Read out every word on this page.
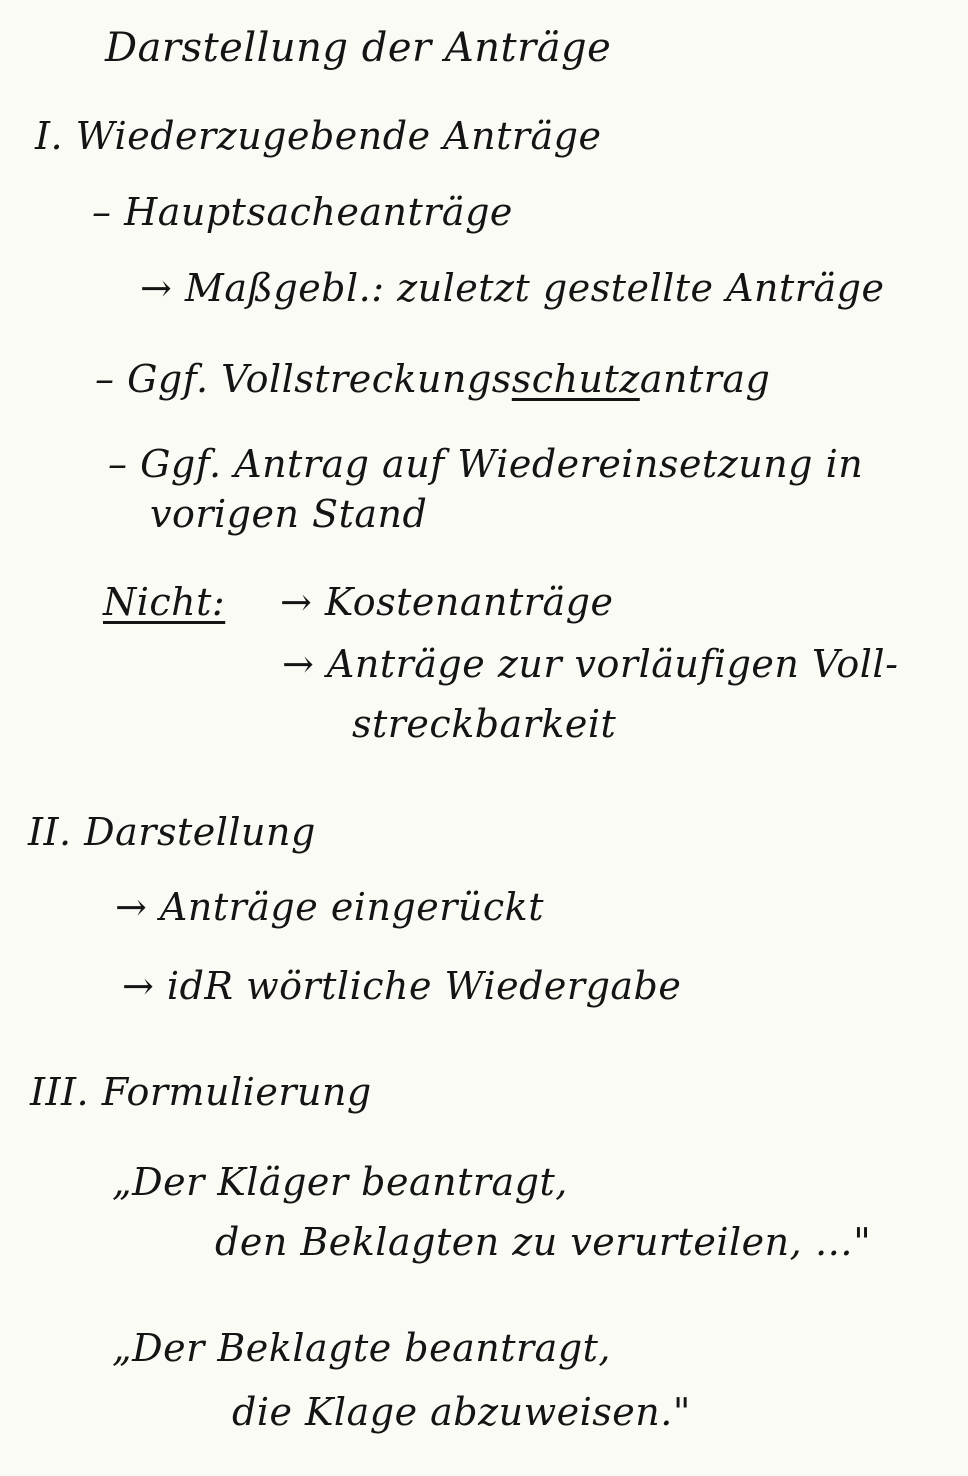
Darstellung der Anträge
I. Wiederzugebende Anträge
– Hauptsacheanträge
→ Maßgebl.: zuletzt gestellte Anträge
– Ggf. Vollstreckungsschutzantrag
– Ggf. Antrag auf Wiedereinsetzung in
vorigen Stand
Nicht: → Kostenanträge
→ Anträge zur vorläufigen Voll-
streckbarkeit
II. Darstellung
→ Anträge eingerückt
→ idR wörtliche Wiedergabe
III. Formulierung
„Der Kläger beantragt,
den Beklagten zu verurteilen, …"
„Der Beklagte beantragt,
die Klage abzuweisen."
